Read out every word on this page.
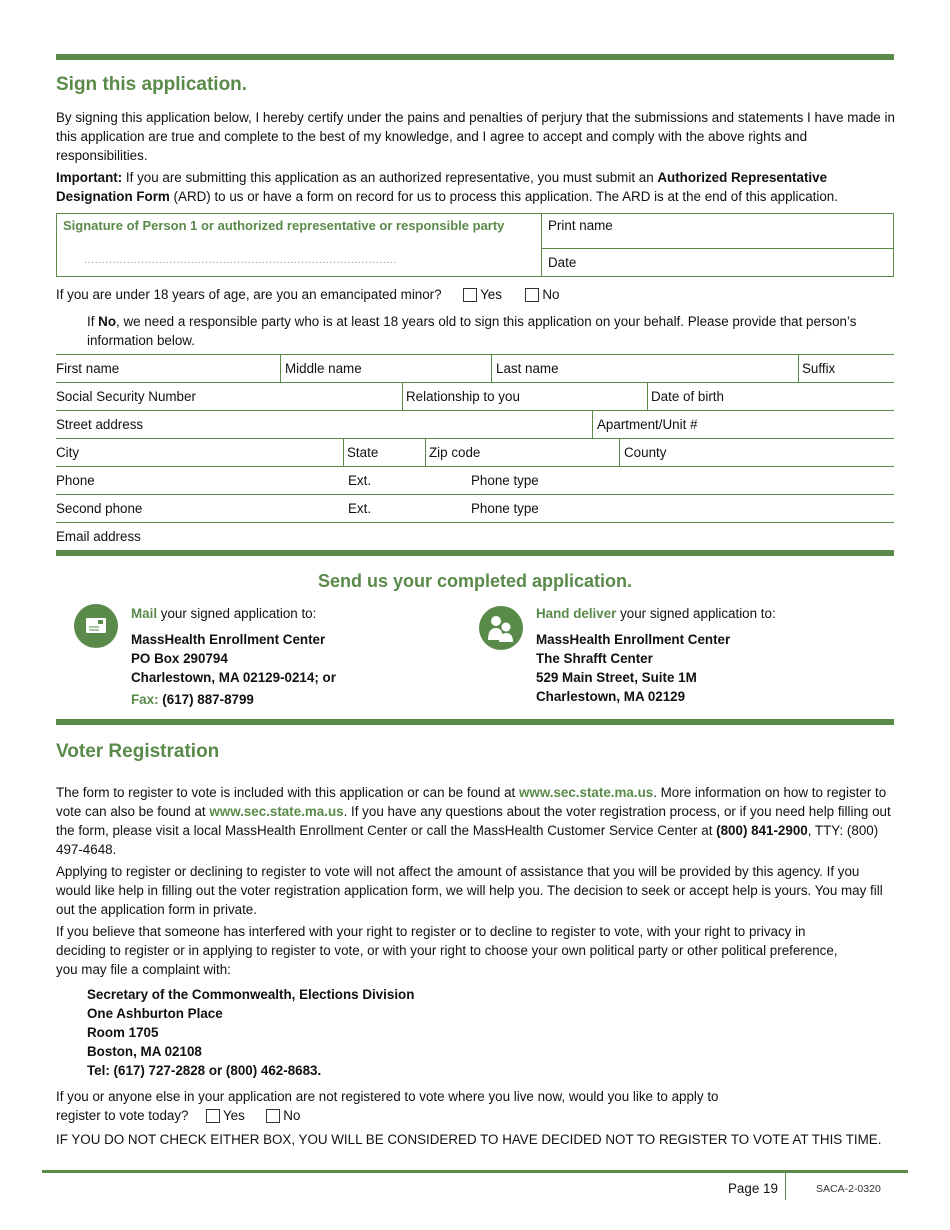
Sign this application.

By signing this application below, I hereby certify under the pains and penalties of perjury that the submissions and statements I have made in this application are true and complete to the best of my knowledge, and I agree to accept and comply with the above rights and responsibilities.

Important: If you are submitting this application as an authorized representative, you must submit an Authorized Representative Designation Form (ARD) to us or have a form on record for us to process this application. The ARD is at the end of this application.

Signature of Person 1 or authorized representative or responsible party
........................................................................................
Print name
Date
If you are under 18 years of age, are you an emancipated minor?	Yes	No

If No, we need a responsible party who is at least 18 years old to sign this application on your behalf. Please provide that person’s information below.

First name	Middle name	Last name	Suffix
Social Security Number	Relationship to you	Date of birth
Street address	Apartment/Unit #
City	State	Zip code	County
Phone	Ext.	Phone type
Second phone	Ext.	Phone type
Email address
Send us your completed application.
Mail your signed application to:
MassHealth Enrollment Center
PO Box 290794
Charlestown, MA 02129-0214; or
Fax: (617) 887-8799
Hand deliver your signed application to:
MassHealth Enrollment Center
The Shrafft Center
529 Main Street, Suite 1M
Charlestown, MA 02129
Voter Registration

The form to register to vote is included with this application or can be found at www.sec.state.ma.us. More information on how to register to vote can also be found at www.sec.state.ma.us. If you have any questions about the voter registration process, or if you need help filling out the form, please visit a local MassHealth Enrollment Center or call the MassHealth Customer Service Center at (800) 841-2900, TTY: (800) 497-4648.

Applying to register or declining to register to vote will not affect the amount of assistance that you will be provided by this agency. If you would like help in filling out the voter registration application form, we will help you. The decision to seek or accept help is yours. You may fill out the application form in private.

If you believe that someone has interfered with your right to register or to decline to register to vote, with your right to privacy in deciding to register or in applying to register to vote, or with your right to choose your own political party or other political preference, you may file a complaint with:

Secretary of the Commonwealth, Elections Division
One Ashburton Place
Room 1705
Boston, MA 02108
Tel: (617) 727-2828 or (800) 462-8683.

If you or anyone else in your application are not registered to vote where you live now, would you like to apply to
register to vote today?	Yes	No

IF YOU DO NOT CHECK EITHER BOX, YOU WILL BE CONSIDERED TO HAVE DECIDED NOT TO REGISTER TO VOTE AT THIS TIME.

Page 19	SACA-2-0320
